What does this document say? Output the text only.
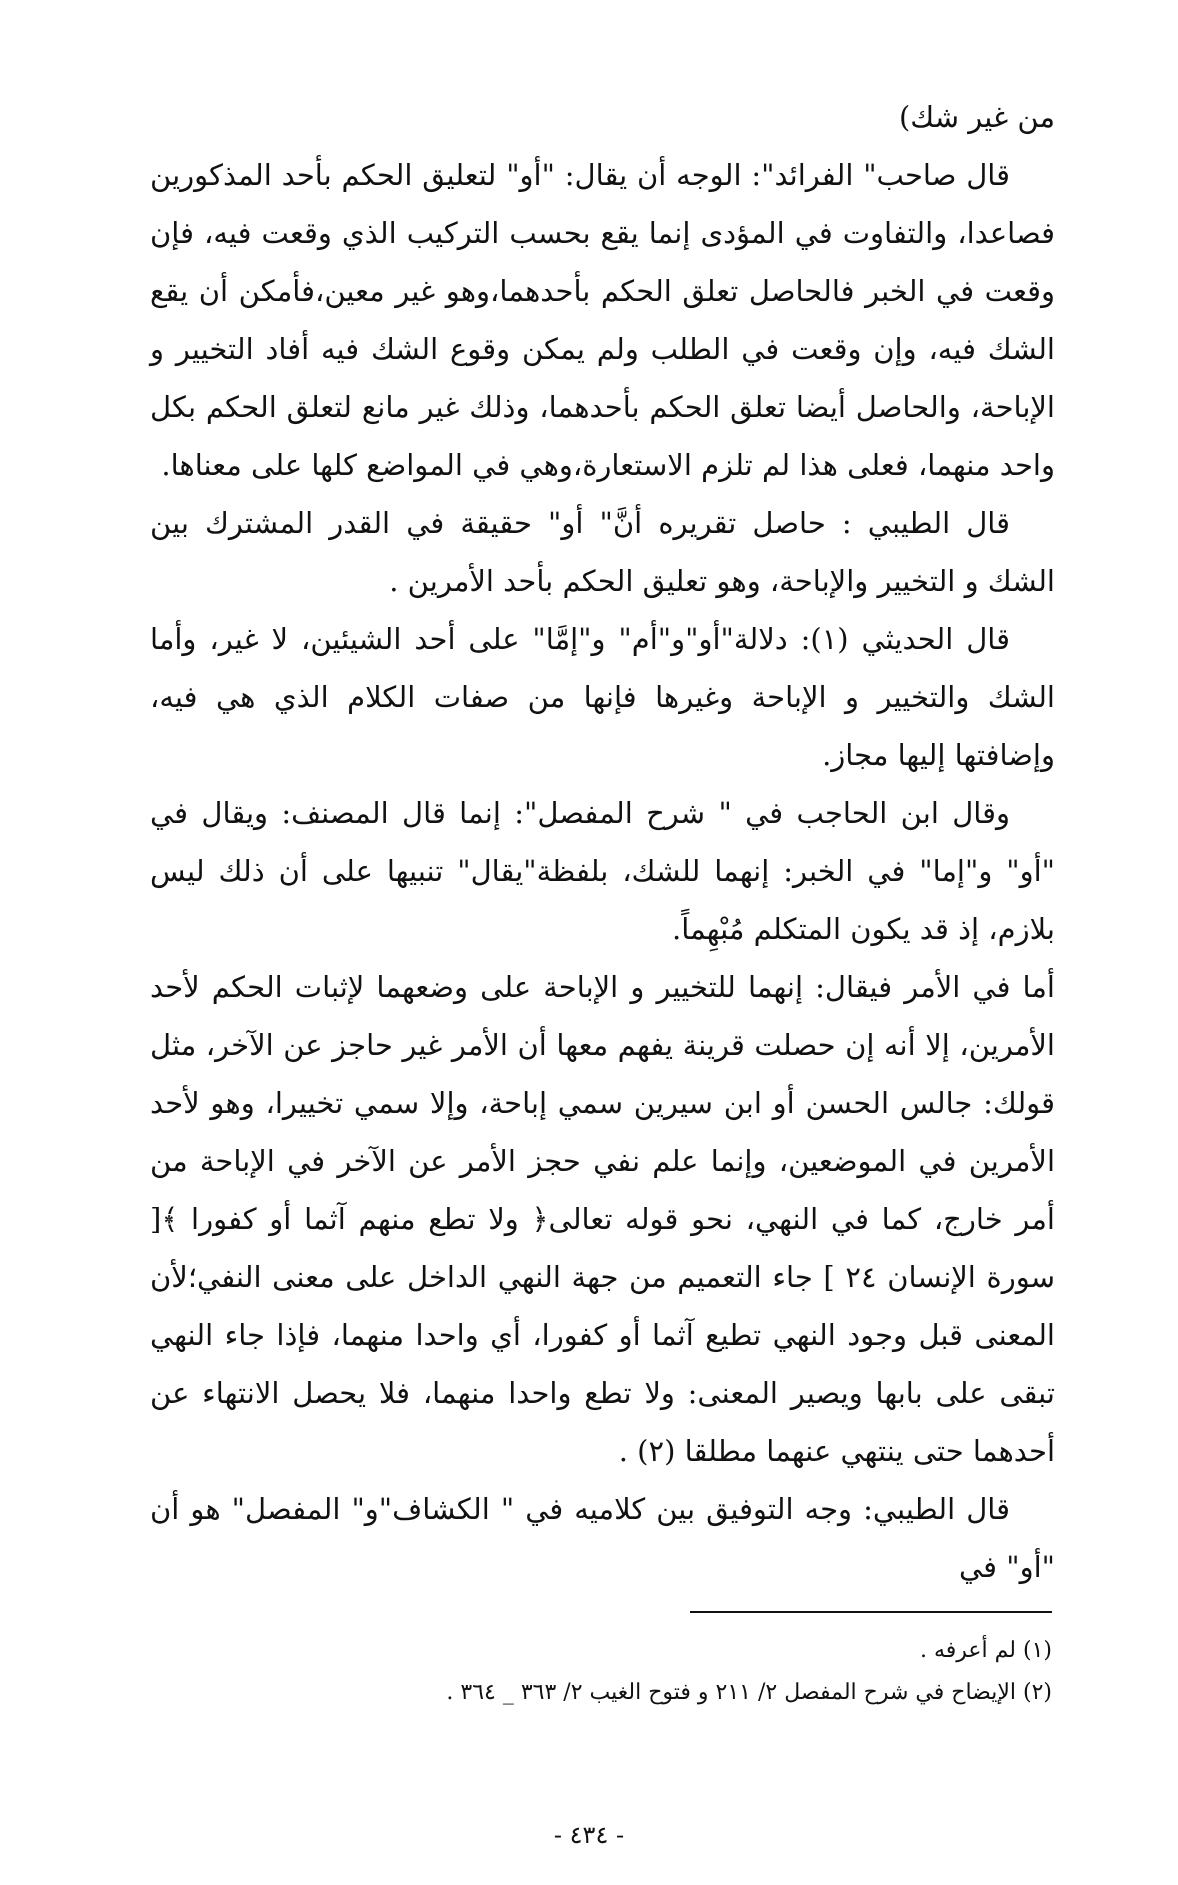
من غير شك)

قال صاحب" الفرائد": الوجه أن يقال: "أو" لتعليق الحكم بأحد المذكورين فصاعدا، والتفاوت في المؤدى إنما يقع بحسب التركيب الذي وقعت فيه، فإن وقعت في الخبر فالحاصل تعلق الحكم بأحدهما،وهو غير معين،فأمكن أن يقع الشك فيه، وإن وقعت في الطلب ولم يمكن وقوع الشك فيه أفاد التخيير و الإباحة، والحاصل أيضا تعلق الحكم بأحدهما، وذلك غير مانع لتعلق الحكم بكل واحد منهما، فعلى هذا لم تلزم الاستعارة،وهي في المواضع كلها على معناها.

قال الطيبي : حاصل تقريره أنَّ" أو" حقيقة في القدر المشترك بين الشك و التخيير والإباحة، وهو تعليق الحكم بأحد الأمرين .

قال الحديثي (١): دلالة"أو"و"أم" و"إمَّا" على أحد الشيئين، لا غير، وأما الشك والتخيير و الإباحة وغيرها فإنها من صفات الكلام الذي هي فيه، وإضافتها إليها مجاز.

وقال ابن الحاجب في " شرح المفصل": إنما قال المصنف: ويقال في "أو" و"إما" في الخبر: إنهما للشك، بلفظة"يقال" تنبيها على أن ذلك ليس بلازم، إذ قد يكون المتكلم مُبْهِماً.

أما في الأمر فيقال: إنهما للتخيير و الإباحة على وضعهما لإثبات الحكم لأحد الأمرين، إلا أنه إن حصلت قرينة يفهم معها أن الأمر غير حاجز عن الآخر، مثل قولك: جالس الحسن أو ابن سيرين سمي إباحة، وإلا سمي تخييرا، وهو لأحد الأمرين في الموضعين، وإنما علم نفي حجز الأمر عن الآخر في الإباحة من أمر خارج، كما في النهي، نحو قوله تعالى﴿ ولا تطع منهم آثما أو كفورا ﴾[ سورة الإنسان ٢٤ ] جاء التعميم من جهة النهي الداخل على معنى النفي؛لأن المعنى قبل وجود النهي تطيع آثما أو كفورا، أي واحدا منهما، فإذا جاء النهي تبقى على بابها ويصير المعنى: ولا تطع واحدا منهما، فلا يحصل الانتهاء عن أحدهما حتى ينتهي عنهما مطلقا (٢) .

قال الطيبي: وجه التوفيق بين كلاميه في " الكشاف"و" المفصل" هو أن "أو" في

(١) لم أعرفه .

(٢) الإيضاح في شرح المفصل ٢/ ٢١١ و فتوح الغيب ٢/ ٣٦٣ _ ٣٦٤ .

- ٤٣٤ -
